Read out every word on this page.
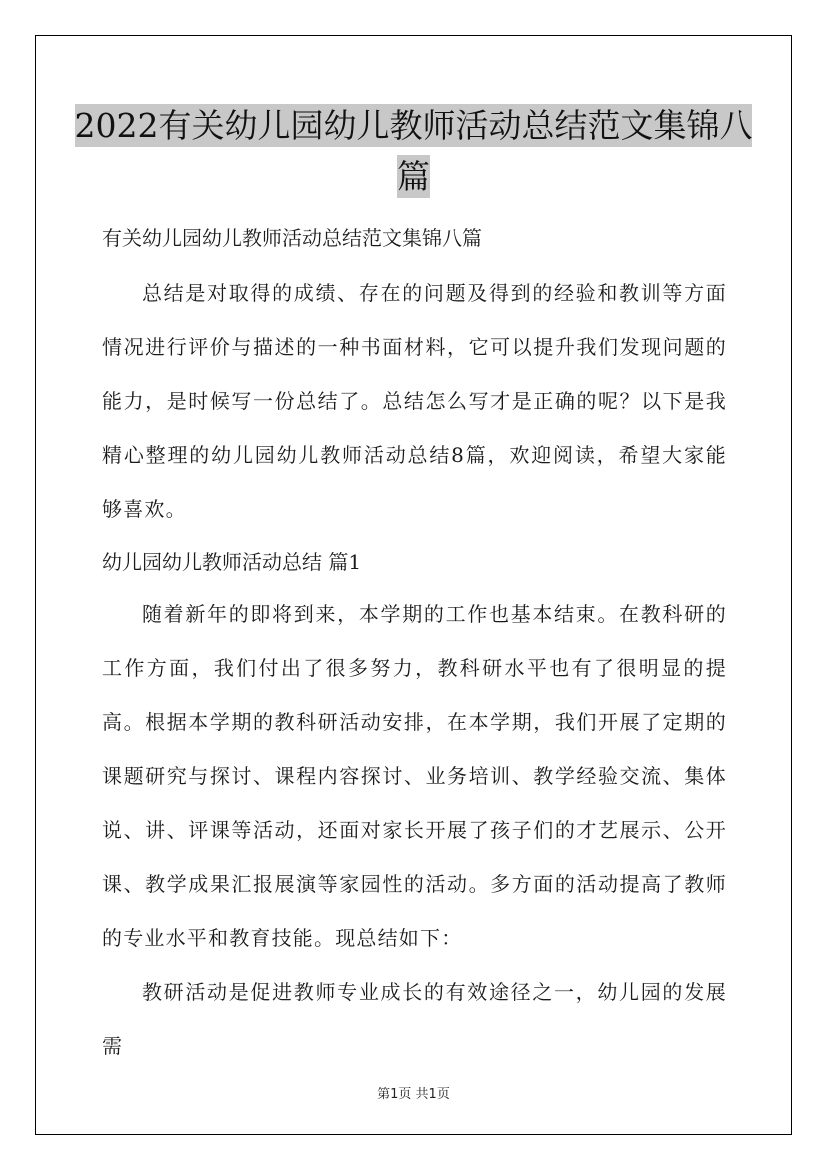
2022有关幼儿园幼儿教师活动总结范文集锦八
篇
有关幼儿园幼儿教师活动总结范文集锦八篇

总结是对取得的成绩、存在的问题及得到的经验和教训等方面情况进行评价与描述的一种书面材料，它可以提升我们发现问题的能力，是时候写一份总结了。总结怎么写才是正确的呢？以下是我精心整理的幼儿园幼儿教师活动总结8篇，欢迎阅读，希望大家能够喜欢。

幼儿园幼儿教师活动总结 篇1

随着新年的即将到来，本学期的工作也基本结束。在教科研的工作方面，我们付出了很多努力，教科研水平也有了很明显的提高。根据本学期的教科研活动安排，在本学期，我们开展了定期的课题研究与探讨、课程内容探讨、业务培训、教学经验交流、集体说、讲、评课等活动，还面对家长开展了孩子们的才艺展示、公开课、教学成果汇报展演等家园性的活动。多方面的活动提高了教师的专业水平和教育技能。现总结如下：

教研活动是促进教师专业成长的有效途径之一，幼儿园的发展需

第1页 共1页
